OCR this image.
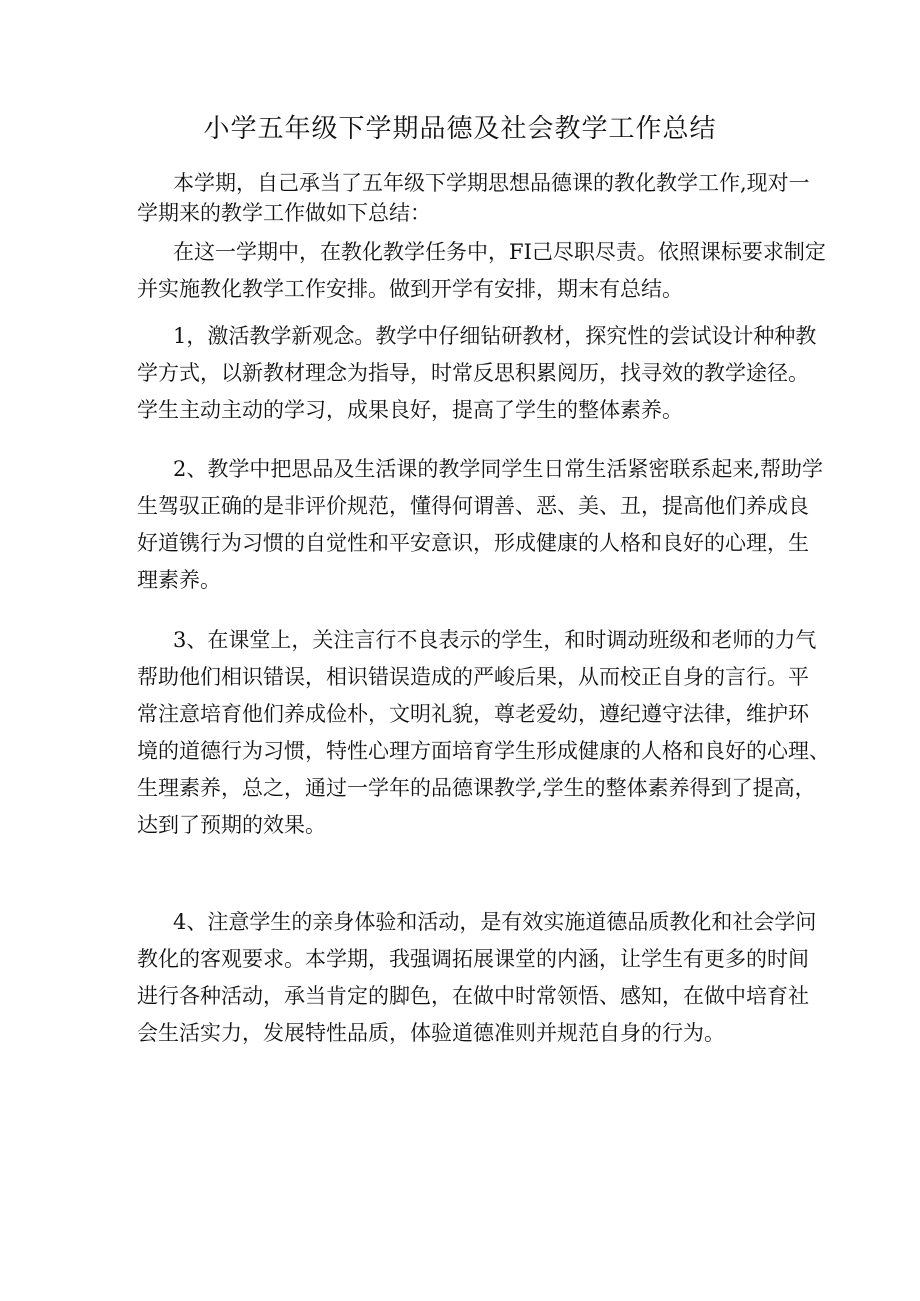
小学五年级下学期品德及社会教学工作总结
本学期，自己承当了五年级下学期思想品德课的教化教学工作,现对一
学期来的教学工作做如下总结：
在这一学期中，在教化教学任务中，FI己尽职尽责。依照课标要求制定
并实施教化教学工作安排。做到开学有安排，期末有总结。
1，激活教学新观念。教学中仔细钻研教材，探究性的尝试设计种种教
学方式，以新教材理念为指导，时常反思积累阅历，找寻效的教学途径。
学生主动主动的学习，成果良好，提高了学生的整体素养。
2、教学中把思品及生活课的教学同学生日常生活紧密联系起来,帮助学
生驾驭正确的是非评价规范，懂得何谓善、恶、美、丑，提高他们养成良
好道镌行为习惯的自觉性和平安意识，形成健康的人格和良好的心理，生
理素养。
3、在课堂上，关注言行不良表示的学生，和时调动班级和老师的力气
帮助他们相识错误，相识错误造成的严峻后果，从而校正自身的言行。平
常注意培育他们养成俭朴，文明礼貌，尊老爱幼，遵纪遵守法律，维护环
境的道德行为习惯，特性心理方面培育学生形成健康的人格和良好的心理、
生理素养，总之，通过一学年的品德课教学,学生的整体素养得到了提高，
达到了预期的效果。
4、注意学生的亲身体验和活动，是有效实施道德品质教化和社会学问
教化的客观要求。本学期，我强调拓展课堂的内涵，让学生有更多的时间
进行各种活动，承当肯定的脚色，在做中时常领悟、感知，在做中培育社
会生活实力，发展特性品质，体验道德准则并规范自身的行为。
